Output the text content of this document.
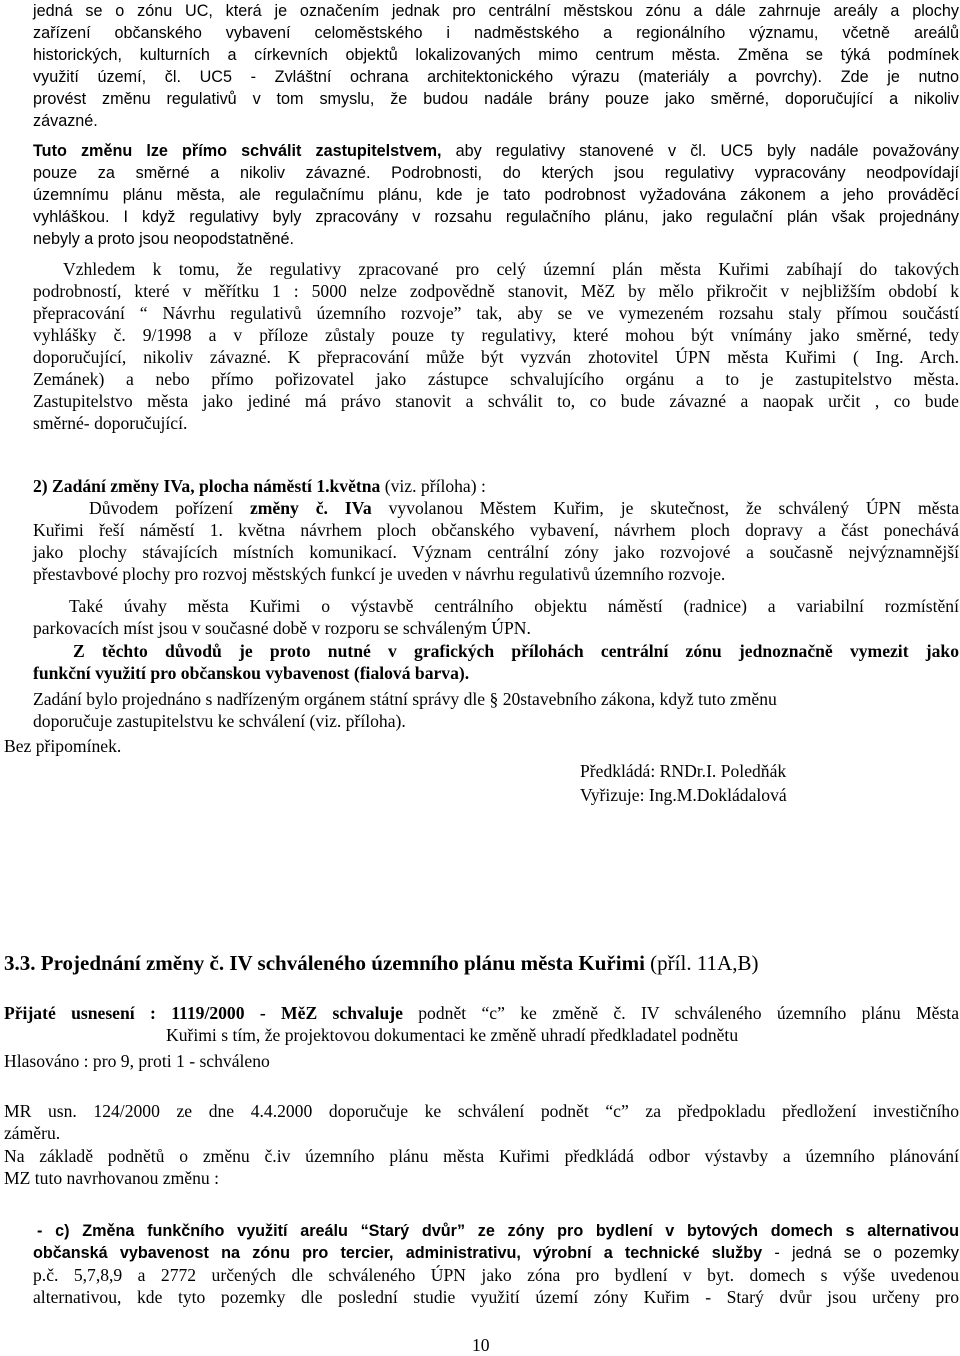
jedná se o zónu UC, která je označením jednak pro centrální městskou zónu a dále zahrnuje areály a plochy

zařízení občanského vybavení celoměstského i nadměstského a regionálního významu, včetně areálů

historických, kulturních a církevních objektů lokalizovaných mimo centrum města. Změna se týká podmínek

využití území, čl. UC5 - Zvláštní ochrana architektonického výrazu (materiály a povrchy). Zde je nutno

provést změnu regulativů v tom smyslu, že budou nadále brány pouze jako směrné, doporučující a nikoliv

závazné.

Tuto změnu lze přímo schválit zastupitelstvem, aby regulativy stanovené v čl. UC5 byly nadále považovány

pouze za směrné a nikoliv závazné. Podrobnosti, do kterých jsou regulativy vypracovány neodpovídají

územnímu plánu města, ale regulačnímu plánu, kde je tato podrobnost vyžadována zákonem a jeho prováděcí

vyhláškou. I když regulativy byly zpracovány v rozsahu regulačního plánu, jako regulační plán však projednány

nebyly a proto jsou neopodstatněné.

Vzhledem k tomu, že regulativy zpracované pro celý územní plán města Kuřimi zabíhají do takových

podrobností, které v měřítku 1 : 5000 nelze zodpovědně stanovit, MěZ by mělo přikročit v nejbližším období k

přepracování “ Návrhu regulativů územního rozvoje” tak, aby se ve vymezeném rozsahu staly přímou součástí

vyhlášky č. 9/1998 a v příloze zůstaly pouze ty regulativy, které mohou být vnímány jako směrné, tedy

doporučující, nikoliv závazné. K přepracování může být vyzván zhotovitel ÚPN města Kuřimi ( Ing. Arch.

Zemánek) a nebo přímo pořizovatel jako zástupce schvalujícího orgánu a to je zastupitelstvo města.

Zastupitelstvo města jako jediné má právo stanovit a schválit to, co bude závazné a naopak určit , co bude

směrné- doporučující.

2) Zadání změny IVa, plocha náměstí 1.května (viz. příloha) :

Důvodem pořízení změny č. IVa vyvolanou Městem Kuřim, je skutečnost, že schválený ÚPN města

Kuřimi řeší náměstí 1. května návrhem ploch občanského vybavení, návrhem ploch dopravy a část ponechává

jako plochy stávajících místních komunikací. Význam centrální zóny jako rozvojové a současně nejvýznamnější

přestavbové plochy pro rozvoj městských funkcí je uveden v návrhu regulativů územního rozvoje.

Také úvahy města Kuřimi o výstavbě centrálního objektu náměstí (radnice) a variabilní rozmístění

parkovacích míst jsou v současné době v rozporu se schváleným ÚPN.

Z těchto důvodů je proto nutné v grafických přílohách centrální zónu jednoznačně vymezit jako

funkční využití pro občanskou vybavenost (fialová barva).

Zadání bylo projednáno s nadřízeným orgánem státní správy dle § 20stavebního zákona, když tuto změnu

doporučuje zastupitelstvu ke schválení (viz. příloha).

Bez připomínek.
Předkládá: RNDr.I. Poledňák
Vyřizuje: Ing.M.Dokládalová
3.3. Projednání změny č. IV schváleného územního plánu města Kuřimi (příl. 11A,B)

Přijaté usnesení : 1119/2000 - MěZ schvaluje podnět “c” ke změně č. IV schváleného územního plánu Města

Kuřimi s tím, že projektovou dokumentaci ke změně uhradí předkladatel podnětu

Hlasováno : pro 9, proti 1 - schváleno

MR usn. 124/2000 ze dne 4.4.2000 doporučuje ke schválení podnět “c” za předpokladu předložení investičního

záměru.

Na základě podnětů o změnu č.iv územního plánu města Kuřimi předkládá odbor výstavby a územního plánování

MZ tuto navrhovanou změnu :

- c) Změna funkčního využití areálu “Starý dvůr” ze zóny pro bydlení v bytových domech s alternativou

občanská vybavenost na zónu pro tercier, administrativu, výrobní a technické služby - jedná se o pozemky

p.č. 5,7,8,9 a 2772 určených dle schváleného ÚPN jako zóna pro bydlení v byt. domech s výše uvedenou

alternativou, kde tyto pozemky dle poslední studie využití území zóny Kuřim - Starý dvůr jsou určeny pro

10
